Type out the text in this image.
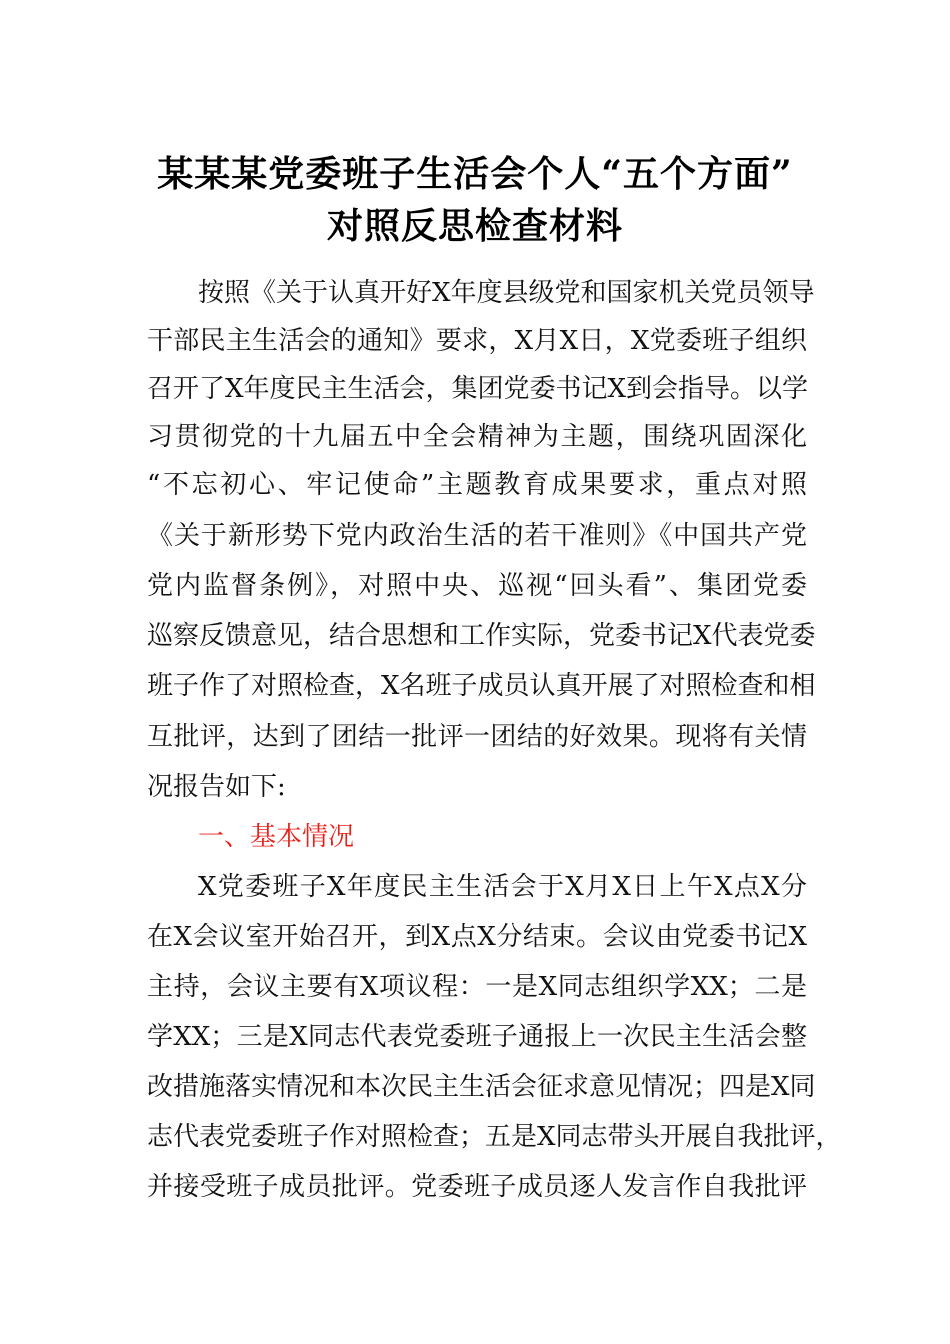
某某某党委班子生活会个人“五个方面”
对照反思检查材料
按照《关于认真开好X年度县级党和国家机关党员领导
干部民主生活会的通知》要求，X月X日，X党委班子组织
召开了X年度民主生活会，集团党委书记X到会指导。以学
习贯彻党的十九届五中全会精神为主题，围绕巩固深化
“不忘初心、牢记使命”主题教育成果要求，重点对照
《关于新形势下党内政治生活的若干准则》《中国共产党
党内监督条例》，对照中央、巡视“回头看”、集团党委
巡察反馈意见，结合思想和工作实际，党委书记X代表党委
班子作了对照检查，X名班子成员认真开展了对照检查和相
互批评，达到了团结一批评一团结的好效果。现将有关情
况报告如下:
一、基本情况
X党委班子X年度民主生活会于X月X日上午X点X分
在X会议室开始召开，到X点X分结束。会议由党委书记X
主持，会议主要有X项议程：一是X同志组织学XX；二是
学XX；三是X同志代表党委班子通报上一次民主生活会整
改措施落实情况和本次民主生活会征求意见情况；四是X同
志代表党委班子作对照检查；五是X同志带头开展自我批评，
并接受班子成员批评。党委班子成员逐人发言作自我批评
